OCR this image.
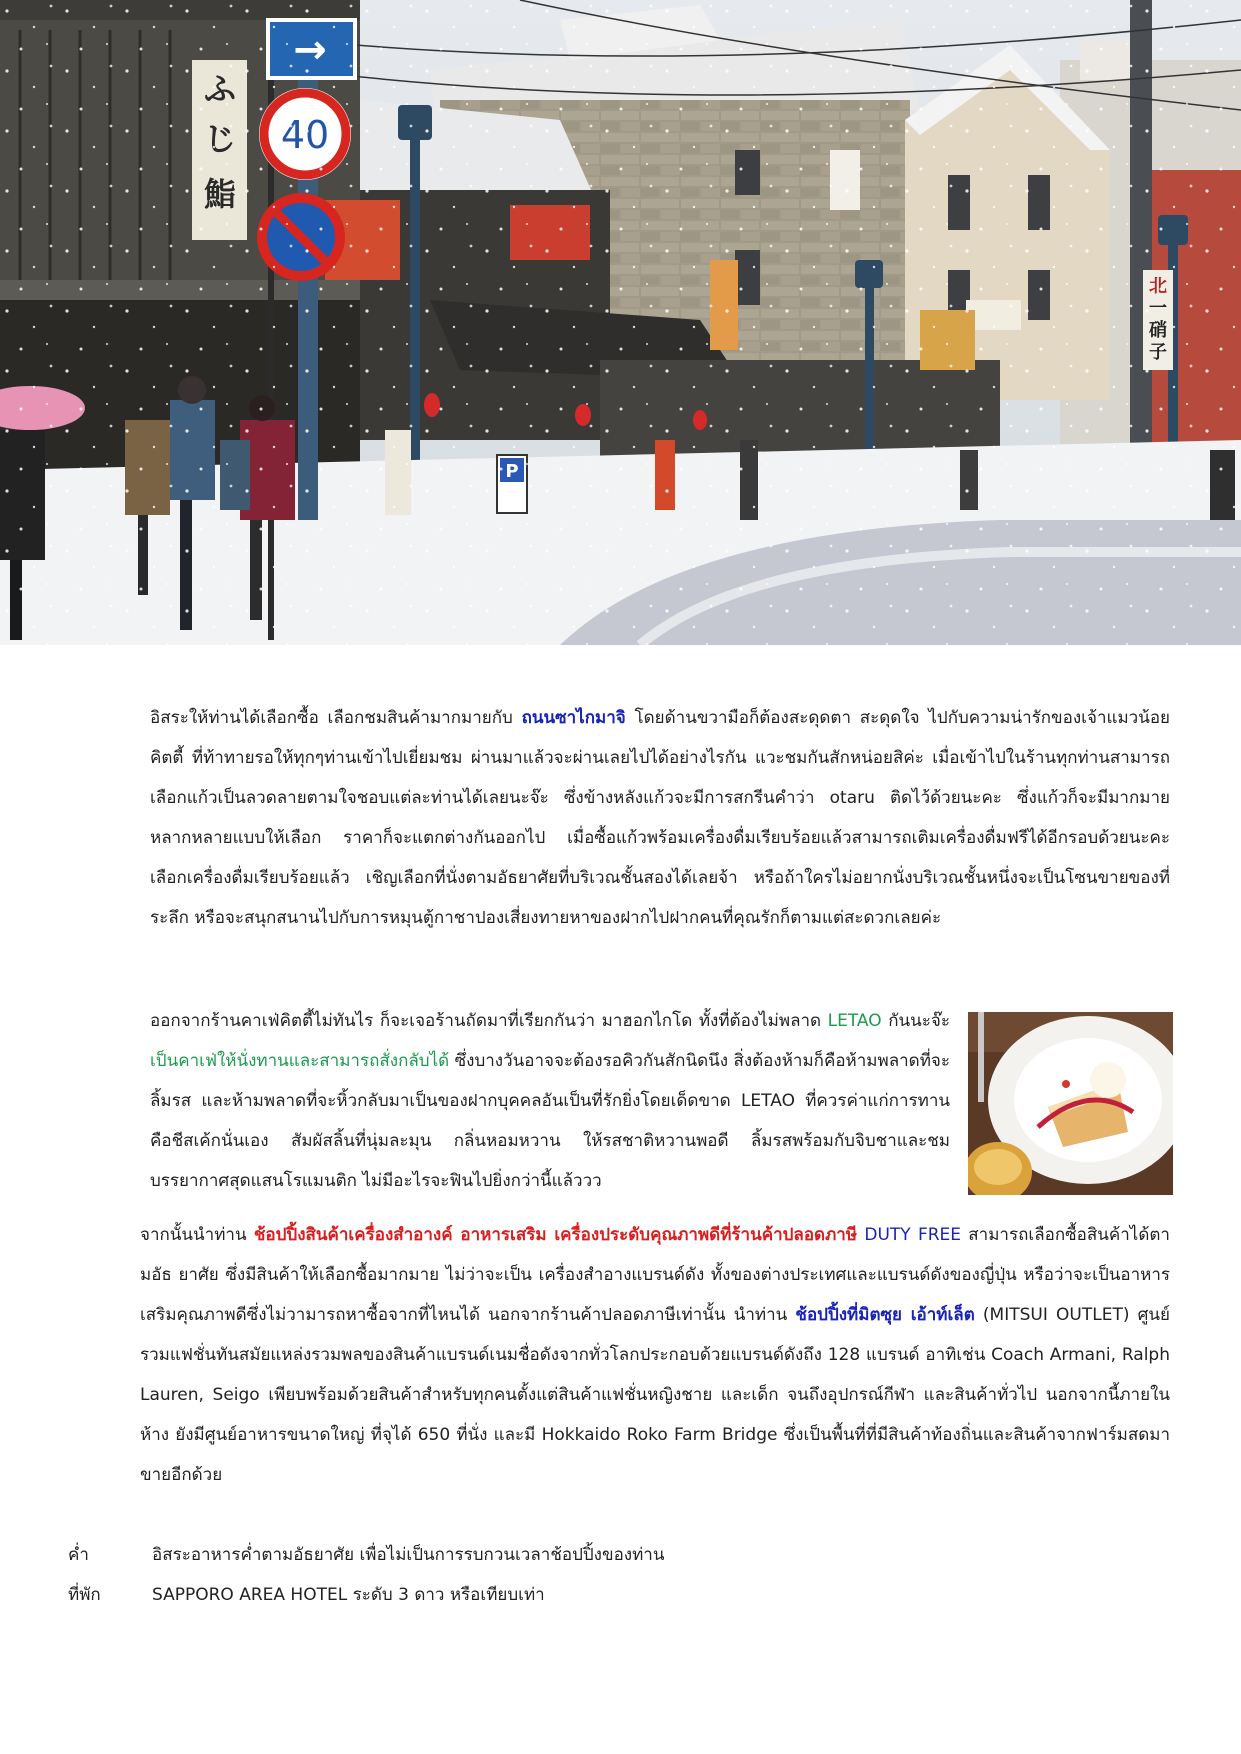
อิสระให้ท่านได้เลือกซื้อ เลือกชมสินค้ามากมายกับ ถนนซาไกมาจิ โดยด้านขวามือก็ต้องสะดุดตา สะดุดใจ ไปกับความน่ารักของเจ้าแมวน้อยคิตตี้ ที่ท้าทายรอให้ทุกๆท่านเข้าไปเยี่ยมชม ผ่านมาแล้วจะผ่านเลยไปได้อย่างไรกัน แวะชมกันสักหน่อยสิค่ะ เมื่อเข้าไปในร้านทุกท่านสามารถเลือกแก้วเป็นลวดลายตามใจชอบแต่ละท่านได้เลยนะจ๊ะ ซึ่งข้างหลังแก้วจะมีการสกรีนคำว่า otaru ติดไว้ด้วยนะคะ ซึ่งแก้วก็จะมีมากมายหลากหลายแบบให้เลือก ราคาก็จะแตกต่างกันออกไป เมื่อซื้อแก้วพร้อมเครื่องดื่มเรียบร้อยแล้วสามารถเติมเครื่องดื่มฟรีได้อีกรอบด้วยนะคะ เลือกเครื่องดื่มเรียบร้อยแล้ว เชิญเลือกที่นั่งตามอัธยาศัยที่บริเวณชั้นสองได้เลยจ้า หรือถ้าใครไม่อยากนั่งบริเวณชั้นหนึ่งจะเป็นโซนขายของที่ระลึก หรือจะสนุกสนานไปกับการหมุนตู้กาชาปองเสี่ยงทายหาของฝากไปฝากคนที่คุณรักก็ตามแต่สะดวกเลยค่ะ

ออกจากร้านคาเฟ่คิตตี้ไม่ทันไร ก็จะเจอร้านถัดมาที่เรียกกันว่า มาฮอกไกโด ทั้งที่ต้องไม่พลาด LETAO กันนะจ๊ะ เป็นคาเฟ่ให้นั่งทานและสามารถสั่งกลับได้ ซึ่งบางวันอาจจะต้องรอคิวกันสักนิดนึง สิ่งต้องห้ามก็คือห้ามพลาดที่จะลิ้มรส และห้ามพลาดที่จะหิ้วกลับมาเป็นของฝากบุคคลอันเป็นที่รักยิ่งโดยเด็ดขาด LETAO ที่ควรค่าแก่การทานคือชีสเค้กนั่นเอง สัมผัสลิ้นที่นุ่มละมุน กลิ่นหอมหวาน ให้รสชาติหวานพอดี ลิ้มรสพร้อมกับจิบชาและชมบรรยากาศสุดแสนโรแมนติก ไม่มีอะไรจะฟินไปยิ่งกว่านี้แล้ววว

จากนั้นนำท่าน ช้อปปิ้งสินค้าเครื่องสำอางค์ อาหารเสริม เครื่องประดับคุณภาพดีที่ร้านค้าปลอดภาษี DUTY FREE สามารถเลือกซื้อสินค้าได้ตามอัธ ยาศัย ซึ่งมีสินค้าให้เลือกซื้อมากมาย ไม่ว่าจะเป็น เครื่องสำอางแบรนด์ดัง ทั้งของต่างประเทศและแบรนด์ดังของญี่ปุ่น หรือว่าจะเป็นอาหารเสริมคุณภาพดีซึ่งไม่วามารถหาซื้อจากที่ไหนได้ นอกจากร้านค้าปลอดภาษีเท่านั้น นำท่าน ช้อปปิ้งที่มิตซุย เอ้าท์เล็ต (MITSUI OUTLET) ศูนย์รวมแฟชั่นทันสมัยแหล่งรวมพลของสินค้าแบรนด์เนมชื่อดังจากทั่วโลกประกอบด้วยแบรนด์ดังถึง 128 แบรนด์ อาทิเช่น Coach Armani, Ralph Lauren, Seigo เพียบพร้อมด้วยสินค้าสำหรับทุกคนตั้งแต่สินค้าแฟชั่นหญิงชาย และเด็ก จนถึงอุปกรณ์กีฬา และสินค้าทั่วไป นอกจากนี้ภายในห้าง ยังมีศูนย์อาหารขนาดใหญ่ ที่จุได้ 650 ที่นั่ง และมี Hokkaido Roko Farm Bridge ซึ่งเป็นพื้นที่ที่มีสินค้าท้องถิ่นและสินค้าจากฟาร์มสดมาขายอีกด้วย

ค่ำ	อิสระอาหารค่ำตามอัธยาศัย เพื่อไม่เป็นการรบกวนเวลาช้อปปิ้งของท่าน
ที่พัก	SAPPORO AREA HOTEL ระดับ 3 ดาว หรือเทียบเท่า
